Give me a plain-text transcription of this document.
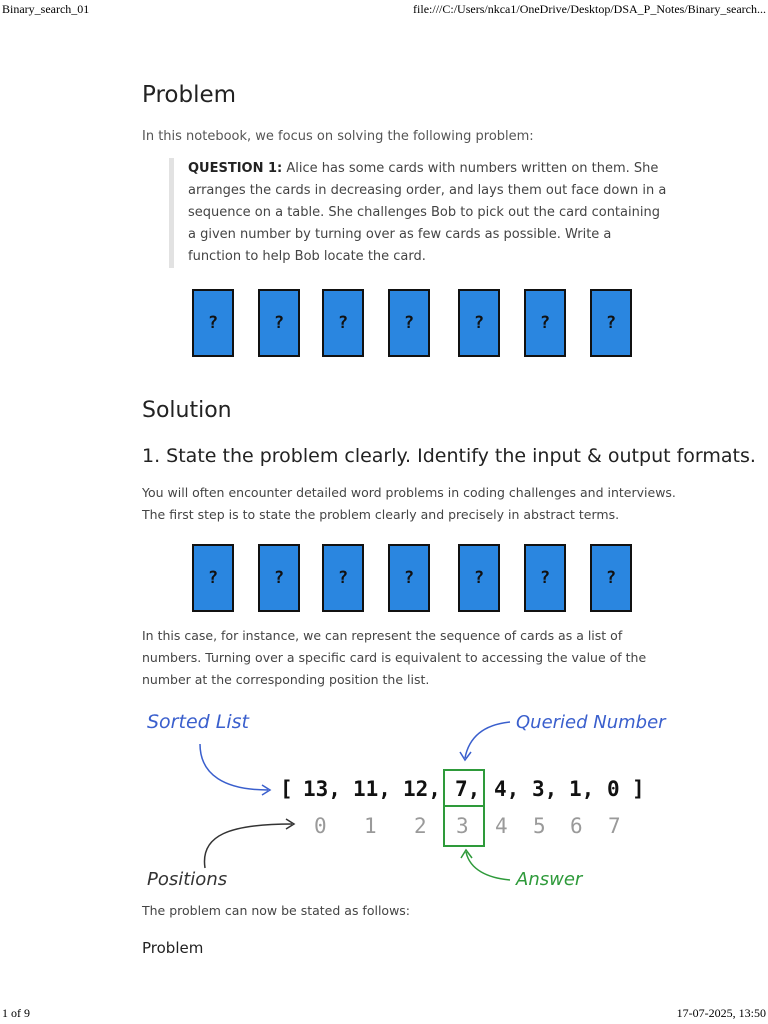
Binary_search_01	file:///C:/Users/nkca1/OneDrive/Desktop/DSA_P_Notes/Binary_search...
Problem

In this notebook, we focus on solving the following problem:

QUESTION 1: Alice has some cards with numbers written on them. She arranges the cards in decreasing order, and lays them out face down in a sequence on a table. She challenges Bob to pick out the card containing a given number by turning over as few cards as possible. Write a function to help Bob locate the card.
?	?	?	?	?	?	?
Solution
1. State the problem clearly. Identify the input & output formats.

You will often encounter detailed word problems in coding challenges and interviews. The first step is to state the problem clearly and precisely in abstract terms.

?	?	?	?	?	?	?

In this case, for instance, we can represent the sequence of cards as a list of numbers. Turning over a specific card is equivalent to accessing the value of the number at the corresponding position the list.

The problem can now be stated as follows:

Problem
Sorted List	Queried Number
Positions	Answer
[ 13, 11, 12, 7, 4, 3, 1, 0 ]
0 1 2 3 4 5 6 7
1 of 9	17-07-2025, 13:50
